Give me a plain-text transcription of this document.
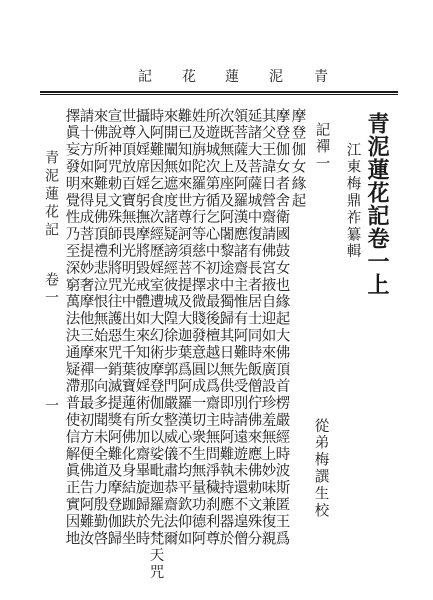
青
泥
蓮
花
記
青泥蓮花記卷一上
江東梅鼎祚纂輯
從弟梅譔生校
記禪一
摩登伽女緣起
摩登伽女者舍衛國鼓女也緣起大佛頂首楞嚴經時波斯匿王爲
其父王諱日營齋請佛宮掖自迎如來廣設珍羞無上妙味兼復親
延諸大菩薩城中復有長者居士同時飯僧佇佛來應佛勅文殊分
領菩薩及阿羅漢應諸齋主惟有阿難先受別請遠遊未還不遑僧
次既無上座及阿闍黎途中獨歸其日無供即時阿難執持應器於
所遊城次第循乞心中初求最後檀越以爲齋主無問淨穢刹利尊
姓及旃陀羅方行等慈不擇微賤發意圓成一切衆生無量功德阿
難已知如來世尊訶須菩提及大迦葉爲阿羅漢心不均平欽仰如
來開闡無遮度諸疑謗經彼城隍徐步郭門嚴整威儀肅恭齋法爾
時阿難因乞食次經歷婬室遭大幻術摩登伽女以娑毗迦羅先梵天咒
攝入婬席婬躬撫摩將毀戒體如來知彼婬術所加齋畢旋歸於時
世尊頂放百寶無畏光明光中出生千葉寶蓮有佛化身結跏趺坐
宣說神咒勅文殊師利將咒往護惡咒銷滅提獎阿難及摩登伽歸
來佛所阿難見佛頂禮悲泣恨無始來一向多聞未全道力殷勤啓
請十方如來得成菩提妙奢摩他三摩禪那最初方便佛告阿難汝
擇眞妄發明覺性乃至深窮萬法決通疑滯普使信解眞正實因地
青泥蓮花記
卷一
一
